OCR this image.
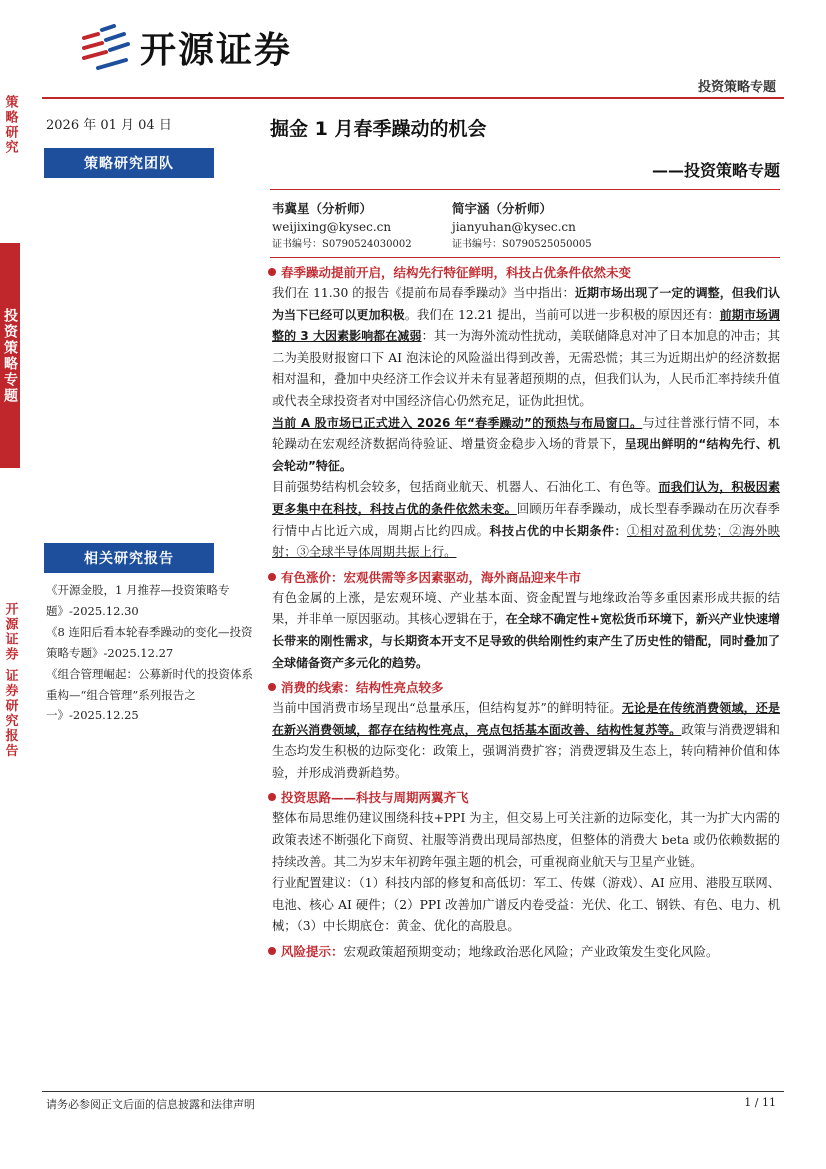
策略研究
投资策略专题
开源证券 证券研究报告
开源证券
投资策略专题
2026 年 01 月 04 日
策略研究团队
相关研究报告

《开源金股，1 月推荐—投资策略专题》-2025.12.30

《8 连阳后看本轮春季躁动的变化—投资策略专题》-2025.12.27

《组合管理崛起：公募新时代的投资体系重构—“组合管理”系列报告之一》-2025.12.25

掘金 1 月春季躁动的机会
——投资策略专题
韦冀星（分析师）
weijixing@kysec.cn
证书编号：S0790524030002
简宇涵（分析师）
jianyuhan@kysec.cn
证书编号：S0790525050005
春季躁动提前开启，结构先行特征鲜明，科技占优条件依然未变
我们在 11.30 的报告《提前布局春季躁动》当中指出：近期市场出现了一定的调整，但我们认为当下已经可以更加积极。我们在 12.21 提出，当前可以进一步积极的原因还有：前期市场调整的 3 大因素影响都在减弱：其一为海外流动性扰动，美联储降息对冲了日本加息的冲击；其二为美股财报窗口下 AI 泡沫论的风险溢出得到改善，无需恐慌；其三为近期出炉的经济数据相对温和，叠加中央经济工作会议并未有显著超预期的点，但我们认为，人民币汇率持续升值或代表全球投资者对中国经济信心仍然充足，证伪此担忧。
当前 A 股市场已正式进入 2026 年“春季躁动”的预热与布局窗口。与过往普涨行情不同，本轮躁动在宏观经济数据尚待验证、增量资金稳步入场的背景下，呈现出鲜明的“结构先行、机会轮动”特征。
目前强势结构机会较多，包括商业航天、机器人、石油化工、有色等。而我们认为，积极因素更多集中在科技，科技占优的条件依然未变。回顾历年春季躁动，成长型春季躁动在历次春季行情中占比近六成，周期占比约四成。科技占优的中长期条件：①相对盈利优势；②海外映射；③全球半导体周期共振上行。
有色涨价：宏观供需等多因素驱动，海外商品迎来牛市
有色金属的上涨，是宏观环境、产业基本面、资金配置与地缘政治等多重因素形成共振的结果，并非单一原因驱动。其核心逻辑在于，在全球不确定性+宽松货币环境下，新兴产业快速增长带来的刚性需求，与长期资本开支不足导致的供给刚性约束产生了历史性的错配，同时叠加了全球储备资产多元化的趋势。
消费的线索：结构性亮点较多
当前中国消费市场呈现出“总量承压，但结构复苏”的鲜明特征。无论是在传统消费领域，还是在新兴消费领域，都存在结构性亮点，亮点包括基本面改善、结构性复苏等。政策与消费逻辑和生态均发生积极的边际变化：政策上，强调消费扩容；消费逻辑及生态上，转向精神价值和体验，并形成消费新趋势。
投资思路——科技与周期两翼齐飞
整体布局思维仍建议围绕科技+PPI 为主，但交易上可关注新的边际变化，其一为扩大内需的政策表述不断强化下商贸、社服等消费出现局部热度，但整体的消费大 beta 或仍依赖数据的持续改善。其二为岁末年初跨年强主题的机会，可重视商业航天与卫星产业链。
行业配置建议：（1）科技内部的修复和高低切：军工、传媒（游戏）、AI 应用、港股互联网、电池、核心 AI 硬件；（2）PPI 改善加广谱反内卷受益：光伏、化工、钢铁、有色、电力、机械；（3）中长期底仓：黄金、优化的高股息。
风险提示：宏观政策超预期变动；地缘政治恶化风险；产业政策发生变化风险。
请务必参阅正文后面的信息披露和法律声明	1 / 11
